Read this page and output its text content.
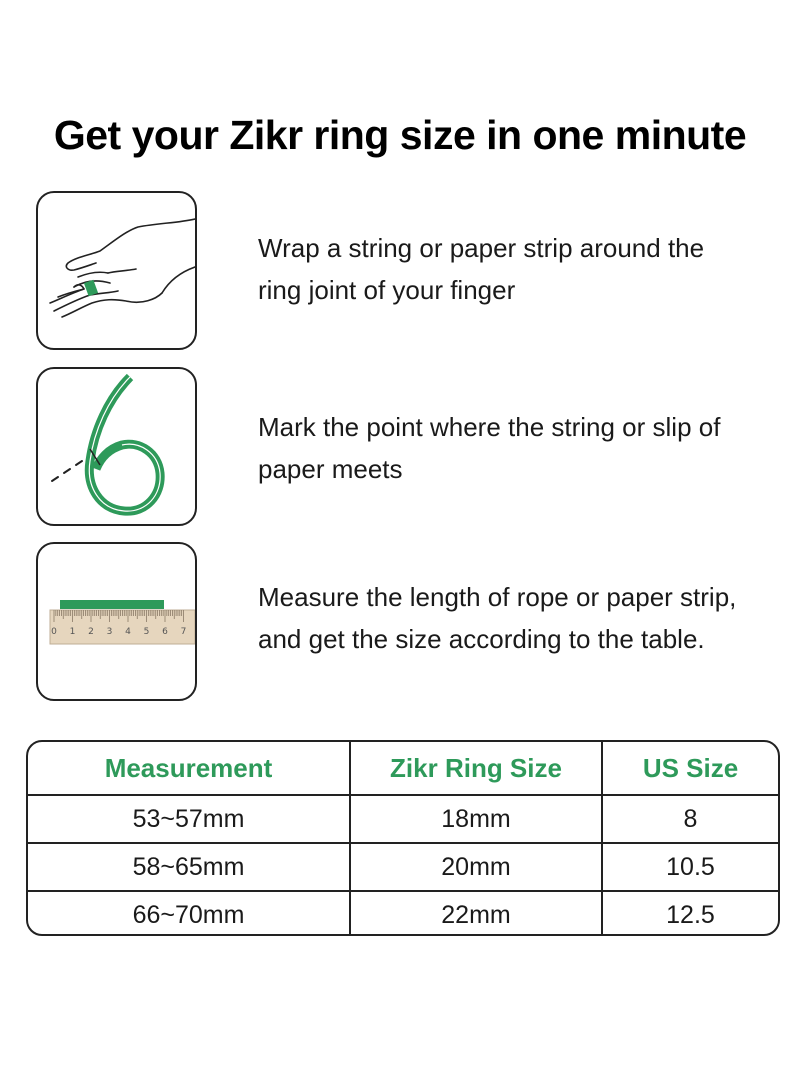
Get your Zikr ring size in one minute
Wrap a string or paper strip around the
ring joint of your finger
Mark the point where the string or slip of
paper meets
0 1 2 3 4 5 6 7
Measure the length of rope or paper strip,
and get the size according to the table.
Measurement	Zikr Ring Size	US Size
53~57mm	18mm	8
58~65mm	20mm	10.5
66~70mm	22mm	12.5
